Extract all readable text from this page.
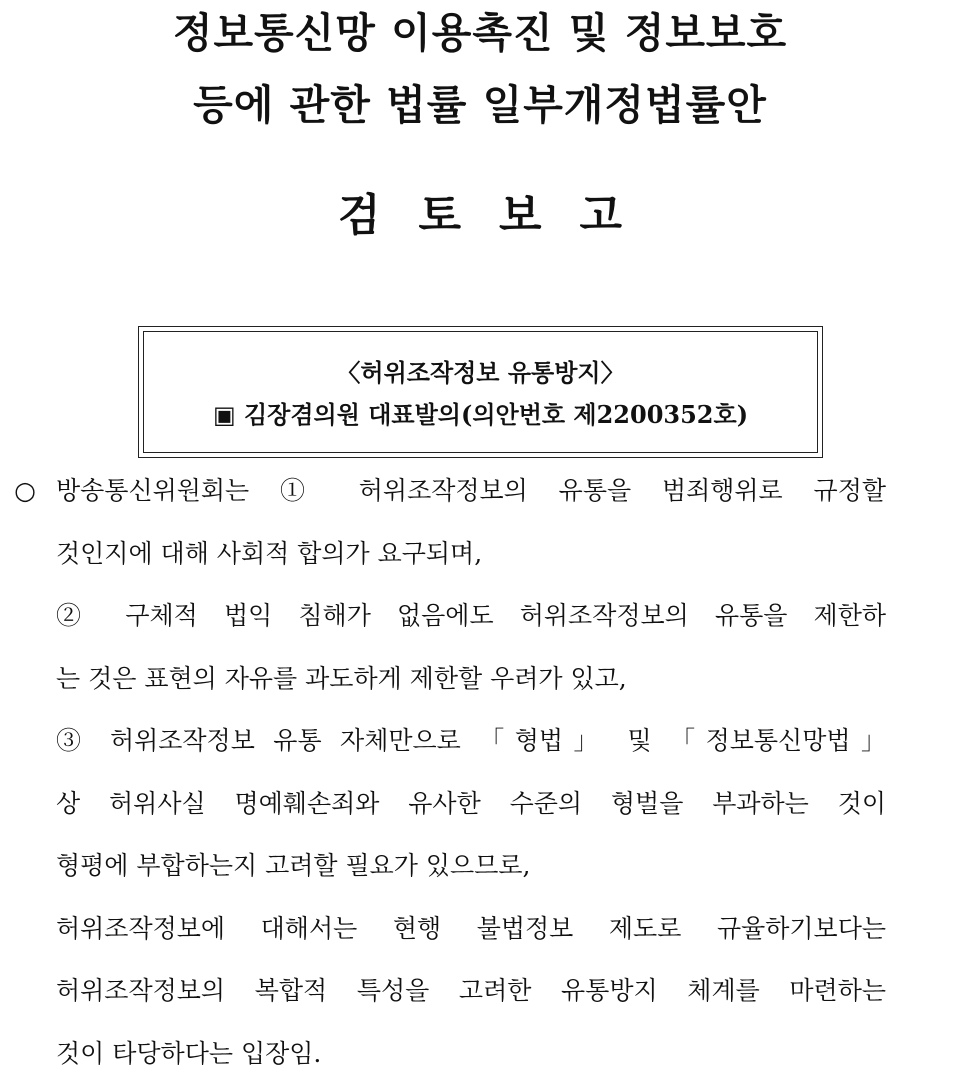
정보통신망 이용촉진 및 정보보호
등에 관한 법률 일부개정법률안
검토보고
〈허위조작정보 유통방지〉
▣ 김장겸의원 대표발의(의안번호 제2200352호)
○ 방송통신위원회는 ① 허위조작정보의 유통을 범죄행위로 규정할
것인지에 대해 사회적 합의가 요구되며,
② 구체적 법익 침해가 없음에도 허위조작정보의 유통을 제한하
는 것은 표현의 자유를 과도하게 제한할 우려가 있고,
③ 허위조작정보 유통 자체만으로 「형법」 및 「정보통신망법」
상 허위사실 명예훼손죄와 유사한 수준의 형벌을 부과하는 것이
형평에 부합하는지 고려할 필요가 있으므로,
허위조작정보에 대해서는 현행 불법정보 제도로 규율하기보다는
허위조작정보의 복합적 특성을 고려한 유통방지 체계를 마련하는
것이 타당하다는 입장임.
